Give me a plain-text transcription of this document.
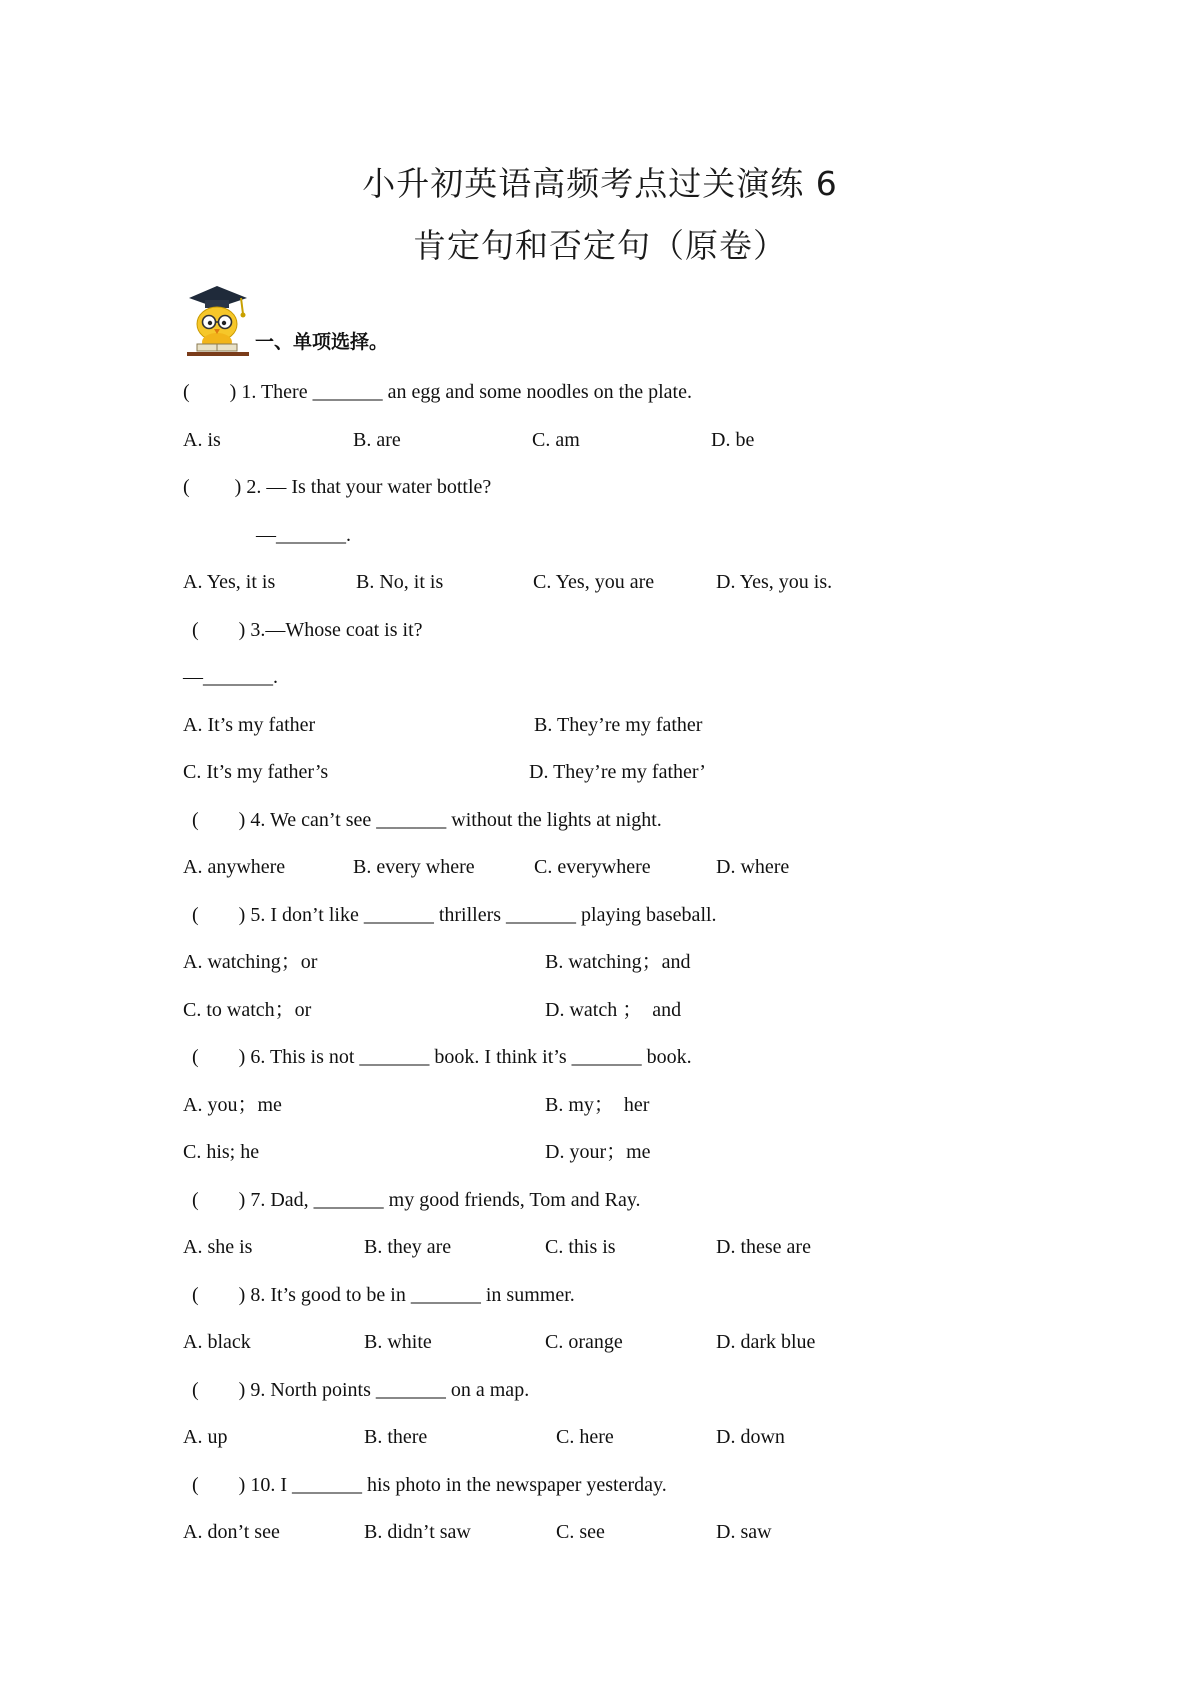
小升初英语高频考点过关演练 6
肯定句和否定句（原卷）
一、单项选择。
(        ) 1. There _______ an egg and some noodles on the plate.
A. is	B. are	C. am	D. be
(         ) 2. — Is that your water bottle?
—_______.
A. Yes, it is	B. No, it is	C. Yes, you are	D. Yes, you is.
(        ) 3.—Whose coat is it?
—_______.
A. It’s my father	B. They’re my father
C. It’s my father’s	D. They’re my father’
(        ) 4. We can’t see _______ without the lights at night.
A. anywhere	B. every where	C. everywhere	D. where
(        ) 5. I don’t like _______ thrillers _______ playing baseball.
A. watching；or	B. watching；and
C. to watch；or	D. watch ；  and
(        ) 6. This is not _______ book. I think it’s _______ book.
A. you；me	B. my；  her
C. his; he	D. your；me
(        ) 7. Dad, _______ my good friends, Tom and Ray.
A. she is	B. they are	C. this is	D. these are
(        ) 8. It’s good to be in _______ in summer.
A. black	B. white	C. orange	D. dark blue
(        ) 9. North points _______ on a map.
A. up	B. there	C. here	D. down
(        ) 10. I _______ his photo in the newspaper yesterday.
A. don’t see	B. didn’t saw	C. see	D. saw
